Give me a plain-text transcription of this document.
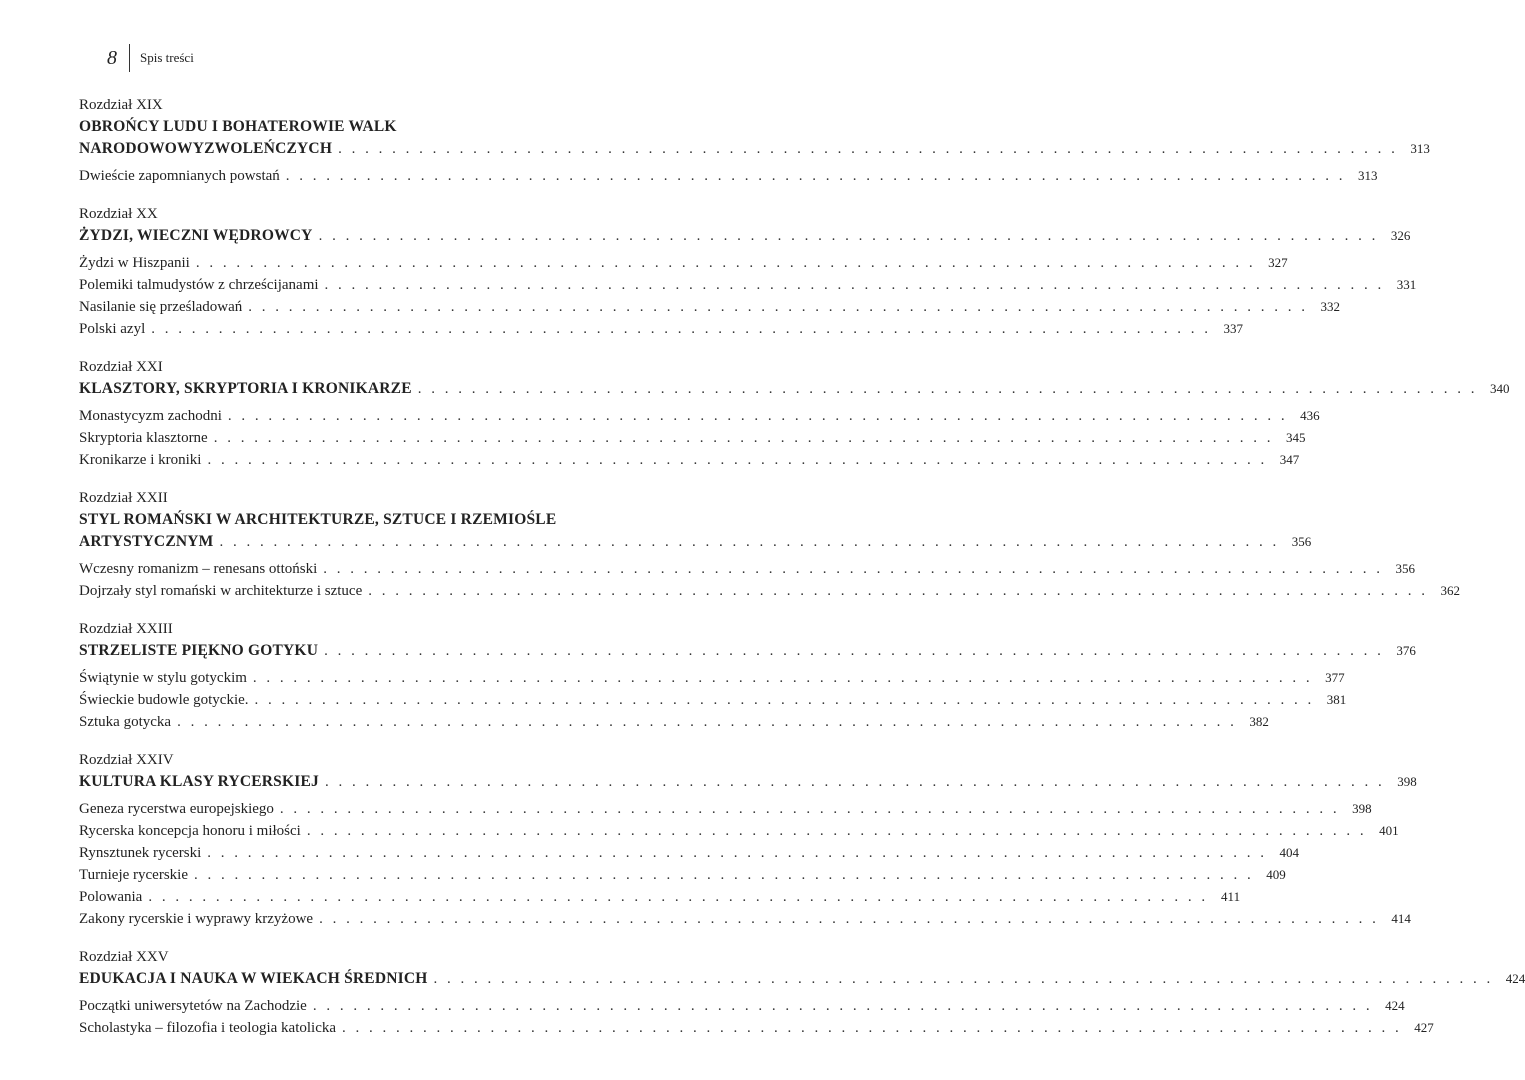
8	Spis treści
Rozdział XIX
OBROŃCY LUDU I BOHATEROWIE WALK
NARODOWOWYZWOLEŃCZYCH . . . . . . . . . . . . . . . . . . . . . . . . . . . . . . . . . . . . . . . . . . . . . . . . . . . . . . . . . . . . . . . . . . . . . . . . . . . . . . . 313
Dwieście zapomnianych powstań . . . . . . . . . . . . . . . . . . . . . . . . . . . . . . . . . . . . . . . . . . . . . . . . . . . . . . . . . . . . . . . . . . . . . . . . . . . . . . . 313
Rozdział XX
ŻYDZI, WIECZNI WĘDROWCY . . . . . . . . . . . . . . . . . . . . . . . . . . . . . . . . . . . . . . . . . . . . . . . . . . . . . . . . . . . . . . . . . . . . . . . . . . . . . . . 326
Żydzi w Hiszpanii . . . . . . . . . . . . . . . . . . . . . . . . . . . . . . . . . . . . . . . . . . . . . . . . . . . . . . . . . . . . . . . . . . . . . . . . . . . . . . . 327
Polemiki talmudystów z chrześcijanami . . . . . . . . . . . . . . . . . . . . . . . . . . . . . . . . . . . . . . . . . . . . . . . . . . . . . . . . . . . . . . . . . . . . . . . . . . . . . . . 331
Nasilanie się prześladowań . . . . . . . . . . . . . . . . . . . . . . . . . . . . . . . . . . . . . . . . . . . . . . . . . . . . . . . . . . . . . . . . . . . . . . . . . . . . . . . 332
Polski azyl . . . . . . . . . . . . . . . . . . . . . . . . . . . . . . . . . . . . . . . . . . . . . . . . . . . . . . . . . . . . . . . . . . . . . . . . . . . . . . . 337
Rozdział XXI
KLASZTORY, SKRYPTORIA I KRONIKARZE . . . . . . . . . . . . . . . . . . . . . . . . . . . . . . . . . . . . . . . . . . . . . . . . . . . . . . . . . . . . . . . . . . . . . . . . . . . . . . . 340
Monastycyzm zachodni . . . . . . . . . . . . . . . . . . . . . . . . . . . . . . . . . . . . . . . . . . . . . . . . . . . . . . . . . . . . . . . . . . . . . . . . . . . . . . . 436
Skryptoria klasztorne . . . . . . . . . . . . . . . . . . . . . . . . . . . . . . . . . . . . . . . . . . . . . . . . . . . . . . . . . . . . . . . . . . . . . . . . . . . . . . . 345
Kronikarze i kroniki . . . . . . . . . . . . . . . . . . . . . . . . . . . . . . . . . . . . . . . . . . . . . . . . . . . . . . . . . . . . . . . . . . . . . . . . . . . . . . . 347
Rozdział XXII
STYL ROMAŃSKI W ARCHITEKTURZE, SZTUCE I RZEMIOŚLE
ARTYSTYCZNYM . . . . . . . . . . . . . . . . . . . . . . . . . . . . . . . . . . . . . . . . . . . . . . . . . . . . . . . . . . . . . . . . . . . . . . . . . . . . . . . 356
Wczesny romanizm – renesans ottoński . . . . . . . . . . . . . . . . . . . . . . . . . . . . . . . . . . . . . . . . . . . . . . . . . . . . . . . . . . . . . . . . . . . . . . . . . . . . . . . 356
Dojrzały styl romański w architekturze i sztuce . . . . . . . . . . . . . . . . . . . . . . . . . . . . . . . . . . . . . . . . . . . . . . . . . . . . . . . . . . . . . . . . . . . . . . . . . . . . . . . 362
Rozdział XXIII
STRZELISTE PIĘKNO GOTYKU . . . . . . . . . . . . . . . . . . . . . . . . . . . . . . . . . . . . . . . . . . . . . . . . . . . . . . . . . . . . . . . . . . . . . . . . . . . . . . . 376
Świątynie w stylu gotyckim . . . . . . . . . . . . . . . . . . . . . . . . . . . . . . . . . . . . . . . . . . . . . . . . . . . . . . . . . . . . . . . . . . . . . . . . . . . . . . . 377
Świeckie budowle gotyckie. . . . . . . . . . . . . . . . . . . . . . . . . . . . . . . . . . . . . . . . . . . . . . . . . . . . . . . . . . . . . . . . . . . . . . . . . . . . . . . . 381
Sztuka gotycka . . . . . . . . . . . . . . . . . . . . . . . . . . . . . . . . . . . . . . . . . . . . . . . . . . . . . . . . . . . . . . . . . . . . . . . . . . . . . . . 382
Rozdział XXIV
KULTURA KLASY RYCERSKIEJ . . . . . . . . . . . . . . . . . . . . . . . . . . . . . . . . . . . . . . . . . . . . . . . . . . . . . . . . . . . . . . . . . . . . . . . . . . . . . . . 398
Geneza rycerstwa europejskiego . . . . . . . . . . . . . . . . . . . . . . . . . . . . . . . . . . . . . . . . . . . . . . . . . . . . . . . . . . . . . . . . . . . . . . . . . . . . . . . 398
Rycerska koncepcja honoru i miłości . . . . . . . . . . . . . . . . . . . . . . . . . . . . . . . . . . . . . . . . . . . . . . . . . . . . . . . . . . . . . . . . . . . . . . . . . . . . . . . 401
Rynsztunek rycerski . . . . . . . . . . . . . . . . . . . . . . . . . . . . . . . . . . . . . . . . . . . . . . . . . . . . . . . . . . . . . . . . . . . . . . . . . . . . . . . 404
Turnieje rycerskie . . . . . . . . . . . . . . . . . . . . . . . . . . . . . . . . . . . . . . . . . . . . . . . . . . . . . . . . . . . . . . . . . . . . . . . . . . . . . . . 409
Polowania . . . . . . . . . . . . . . . . . . . . . . . . . . . . . . . . . . . . . . . . . . . . . . . . . . . . . . . . . . . . . . . . . . . . . . . . . . . . . . . 411
Zakony rycerskie i wyprawy krzyżowe . . . . . . . . . . . . . . . . . . . . . . . . . . . . . . . . . . . . . . . . . . . . . . . . . . . . . . . . . . . . . . . . . . . . . . . . . . . . . . . 414
Rozdział XXV
EDUKACJA I NAUKA W WIEKACH ŚREDNICH . . . . . . . . . . . . . . . . . . . . . . . . . . . . . . . . . . . . . . . . . . . . . . . . . . . . . . . . . . . . . . . . . . . . . . . . . . . . . . . 424
Początki uniwersytetów na Zachodzie . . . . . . . . . . . . . . . . . . . . . . . . . . . . . . . . . . . . . . . . . . . . . . . . . . . . . . . . . . . . . . . . . . . . . . . . . . . . . . . 424
Scholastyka – filozofia i teologia katolicka . . . . . . . . . . . . . . . . . . . . . . . . . . . . . . . . . . . . . . . . . . . . . . . . . . . . . . . . . . . . . . . . . . . . . . . . . . . . . . . 427
